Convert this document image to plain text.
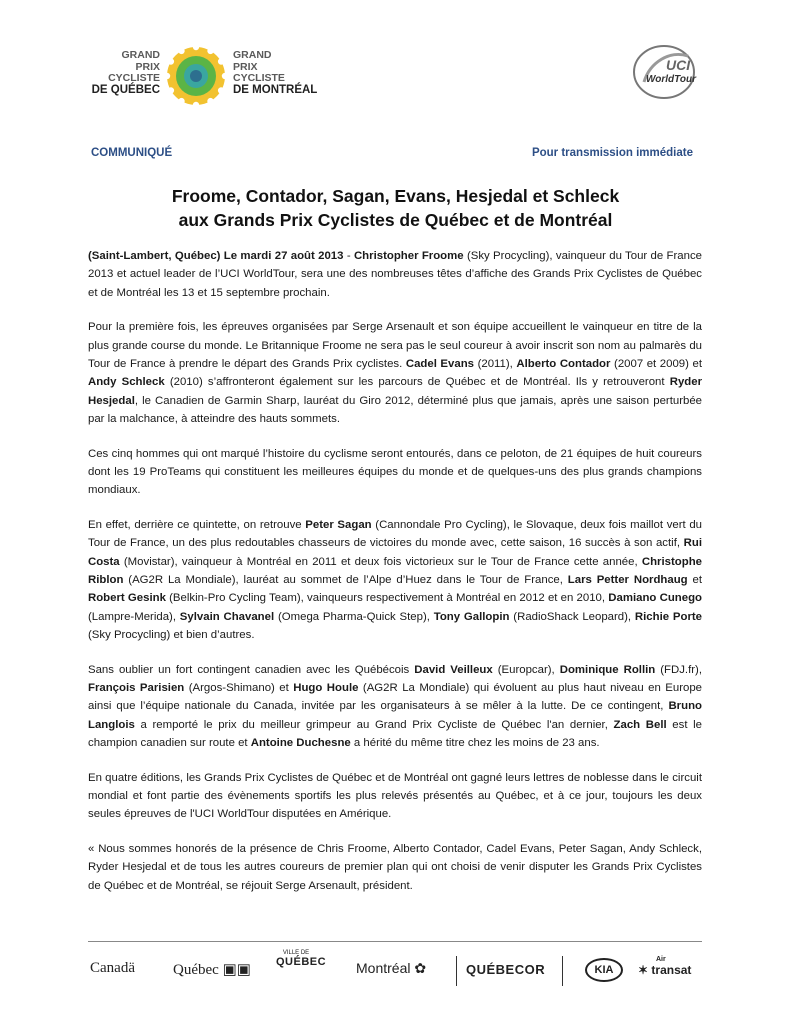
GRAND
PRIX
CYCLISTE
DE QUÉBEC
GRAND
PRIX
CYCLISTE
DE MONTRÉAL
UCI
WorldTour
COMMUNIQUÉ	Pour transmission immédiate
Froome, Contador, Sagan, Evans, Hesjedal et Schleck
aux Grands Prix Cyclistes de Québec et de Montréal

(Saint-Lambert, Québec) Le mardi 27 août 2013 - Christopher Froome (Sky Procycling), vainqueur du Tour de France 2013 et actuel leader de l’UCI WorldTour, sera une des nombreuses têtes d’affiche des Grands Prix Cyclistes de Québec et de Montréal les 13 et 15 septembre prochain.

Pour la première fois, les épreuves organisées par Serge Arsenault et son équipe accueillent le vainqueur en titre de la plus grande course du monde. Le Britannique Froome ne sera pas le seul coureur à avoir inscrit son nom au palmarès du Tour de France à prendre le départ des Grands Prix cyclistes. Cadel Evans (2011), Alberto Contador (2007 et 2009) et Andy Schleck (2010) s’affronteront également sur les parcours de Québec et de Montréal. Ils y retrouveront Ryder Hesjedal, le Canadien de Garmin Sharp, lauréat du Giro 2012, déterminé plus que jamais, après une saison perturbée par la malchance, à atteindre des hauts sommets.

Ces cinq hommes qui ont marqué l’histoire du cyclisme seront entourés, dans ce peloton, de 21 équipes de huit coureurs dont les 19 ProTeams qui constituent les meilleures équipes du monde et de quelques-uns des plus grands champions mondiaux.

En effet, derrière ce quintette, on retrouve Peter Sagan (Cannondale Pro Cycling), le Slovaque, deux fois maillot vert du Tour de France, un des plus redoutables chasseurs de victoires du monde avec, cette saison, 16 succès à son actif, Rui Costa (Movistar), vainqueur à Montréal en 2011 et deux fois victorieux sur le Tour de France cette année, Christophe Riblon (AG2R La Mondiale), lauréat au sommet de l’Alpe d’Huez dans le Tour de France, Lars Petter Nordhaug et Robert Gesink (Belkin-Pro Cycling Team), vainqueurs respectivement à Montréal en 2012 et en 2010, Damiano Cunego (Lampre-Merida), Sylvain Chavanel (Omega Pharma-Quick Step), Tony Gallopin (RadioShack Leopard), Richie Porte (Sky Procycling) et bien d’autres.

Sans oublier un fort contingent canadien avec les Québécois David Veilleux (Europcar), Dominique Rollin (FDJ.fr), François Parisien (Argos-Shimano) et Hugo Houle (AG2R La Mondiale) qui évoluent au plus haut niveau en Europe ainsi que l’équipe nationale du Canada, invitée par les organisateurs à se mêler à la lutte. De ce contingent, Bruno Langlois a remporté le prix du meilleur grimpeur au Grand Prix Cycliste de Québec l'an dernier, Zach Bell est le champion canadien sur route et Antoine Duchesne a hérité du même titre chez les moins de 23 ans.

En quatre éditions, les Grands Prix Cyclistes de Québec et de Montréal ont gagné leurs lettres de noblesse dans le circuit mondial et font partie des évènements sportifs les plus relevés présentés au Québec, et à ce jour, toujours les deux seules épreuves de l'UCI WorldTour disputées en Amérique.

« Nous sommes honorés de la présence de Chris Froome, Alberto Contador, Cadel Evans, Peter Sagan, Andy Schleck, Ryder Hesjedal et de tous les autres coureurs de premier plan qui ont choisi de venir disputer les Grands Prix Cyclistes de Québec et de Montréal, se réjouit Serge Arsenault, président.

Canadä	Québec ▣▣
VILLE DE
QUÉBEC Montréal ✿	QUÉBECOR	KIA
Air
✶ transat
